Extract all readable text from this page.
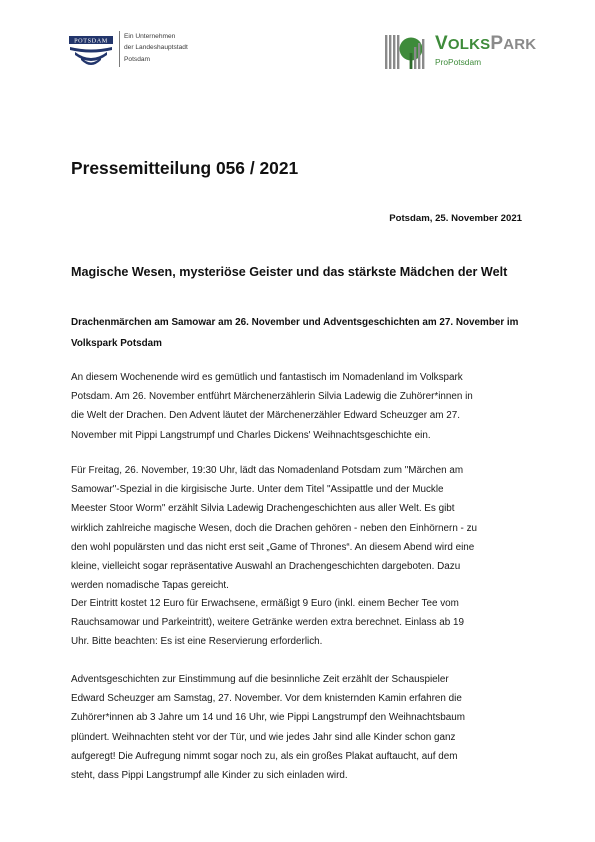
POTSDAM
Ein Unternehmen
der Landeshauptstadt
Potsdam
VOLKSPARK
ProPotsdam
Pressemitteilung 056 / 2021
Potsdam, 25. November 2021
Magische Wesen, mysteriöse Geister und das stärkste Mädchen der Welt
Drachenmärchen am Samowar am 26. November und Adventsgeschichten am 27. November im Volkspark Potsdam
An diesem Wochenende wird es gemütlich und fantastisch im Nomadenland im Volkspark
Potsdam. Am 26. November entführt Märchenerzählerin Silvia Ladewig die Zuhörer*innen in
die Welt der Drachen. Den Advent läutet der Märchenerzähler Edward Scheuzger am 27.
November mit Pippi Langstrumpf und Charles Dickens' Weihnachtsgeschichte ein.
Für Freitag, 26. November, 19:30 Uhr, lädt das Nomadenland Potsdam zum "Märchen am
Samowar"-Spezial in die kirgisische Jurte. Unter dem Titel "Assipattle und der Muckle
Meester Stoor Worm" erzählt Silvia Ladewig Drachengeschichten aus aller Welt. Es gibt
wirklich zahlreiche magische Wesen, doch die Drachen gehören - neben den Einhörnern - zu
den wohl populärsten und das nicht erst seit „Game of Thrones“. An diesem Abend wird eine
kleine, vielleicht sogar repräsentative Auswahl an Drachengeschichten dargeboten. Dazu
werden nomadische Tapas gereicht.
Der Eintritt kostet 12 Euro für Erwachsene, ermäßigt 9 Euro (inkl. einem Becher Tee vom
Rauchsamowar und Parkeintritt), weitere Getränke werden extra berechnet. Einlass ab 19
Uhr. Bitte beachten: Es ist eine Reservierung erforderlich.
Adventsgeschichten zur Einstimmung auf die besinnliche Zeit erzählt der Schauspieler
Edward Scheuzger am Samstag, 27. November. Vor dem knisternden Kamin erfahren die
Zuhörer*innen ab 3 Jahre um 14 und 16 Uhr, wie Pippi Langstrumpf den Weihnachtsbaum
plündert. Weihnachten steht vor der Tür, und wie jedes Jahr sind alle Kinder schon ganz
aufgeregt! Die Aufregung nimmt sogar noch zu, als ein großes Plakat auftaucht, auf dem
steht, dass Pippi Langstrumpf alle Kinder zu sich einladen wird.
